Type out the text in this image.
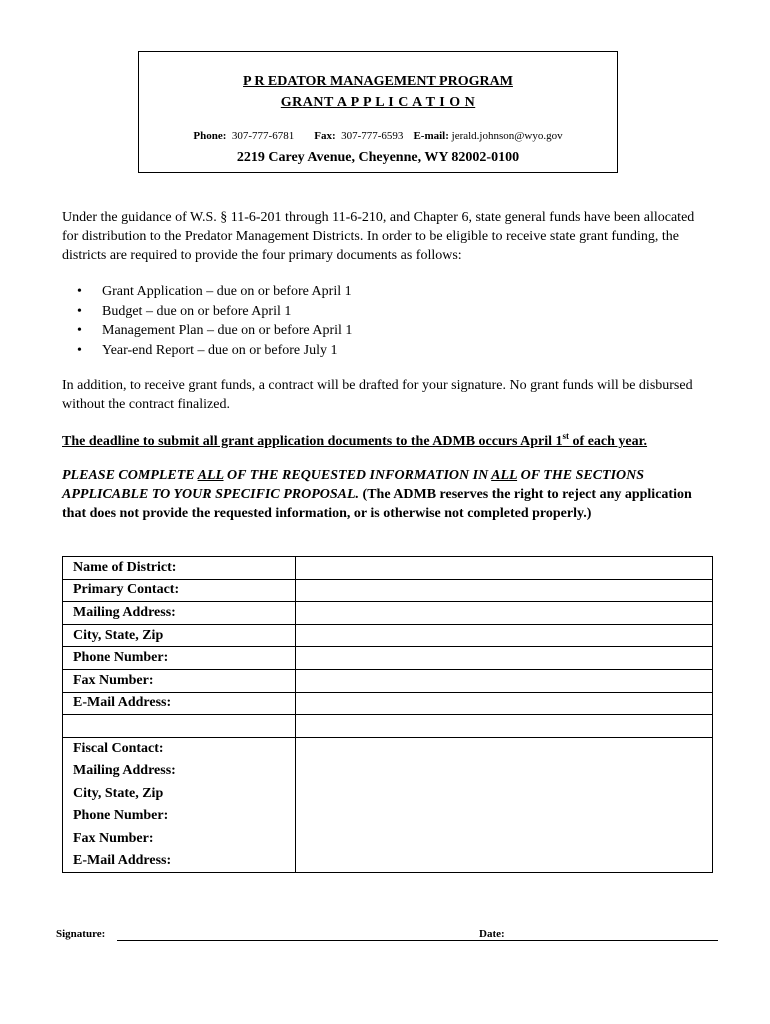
P R EDATOR MANAGEMENT PROGRAM
GRANT A P P L I C A T I O N
Phone: 307-777-6781 Fax: 307-777-6593 E-mail: jerald.johnson@wyo.gov
2219 Carey Avenue, Cheyenne, WY 82002-0100
Under the guidance of W.S. § 11-6-201 through 11-6-210, and Chapter 6, state general funds have been allocated for distribution to the Predator Management Districts. In order to be eligible to receive state grant funding, the districts are required to provide the four primary documents as follows:
• Grant Application – due on or before April 1
• Budget – due on or before April 1
• Management Plan – due on or before April 1
• Year-end Report – due on or before July 1
In addition, to receive grant funds, a contract will be drafted for your signature. No grant funds will be disbursed without the contract finalized.
The deadline to submit all grant application documents to the ADMB occurs April 1st of each year.
PLEASE COMPLETE ALL OF THE REQUESTED INFORMATION IN ALL OF THE SECTIONS APPLICABLE TO YOUR SPECIFIC PROPOSAL. (The ADMB reserves the right to reject any application that does not provide the requested information, or is otherwise not completed properly.)
Name of District:	
Primary Contact:	
Mailing Address:	
City, State, Zip	
Phone Number:	
Fax Number:	
E-Mail Address:	

Fiscal Contact:	
Mailing Address:	
City, State, Zip	
Phone Number:	
Fax Number:	
E-Mail Address:	
Signature:	Date:
